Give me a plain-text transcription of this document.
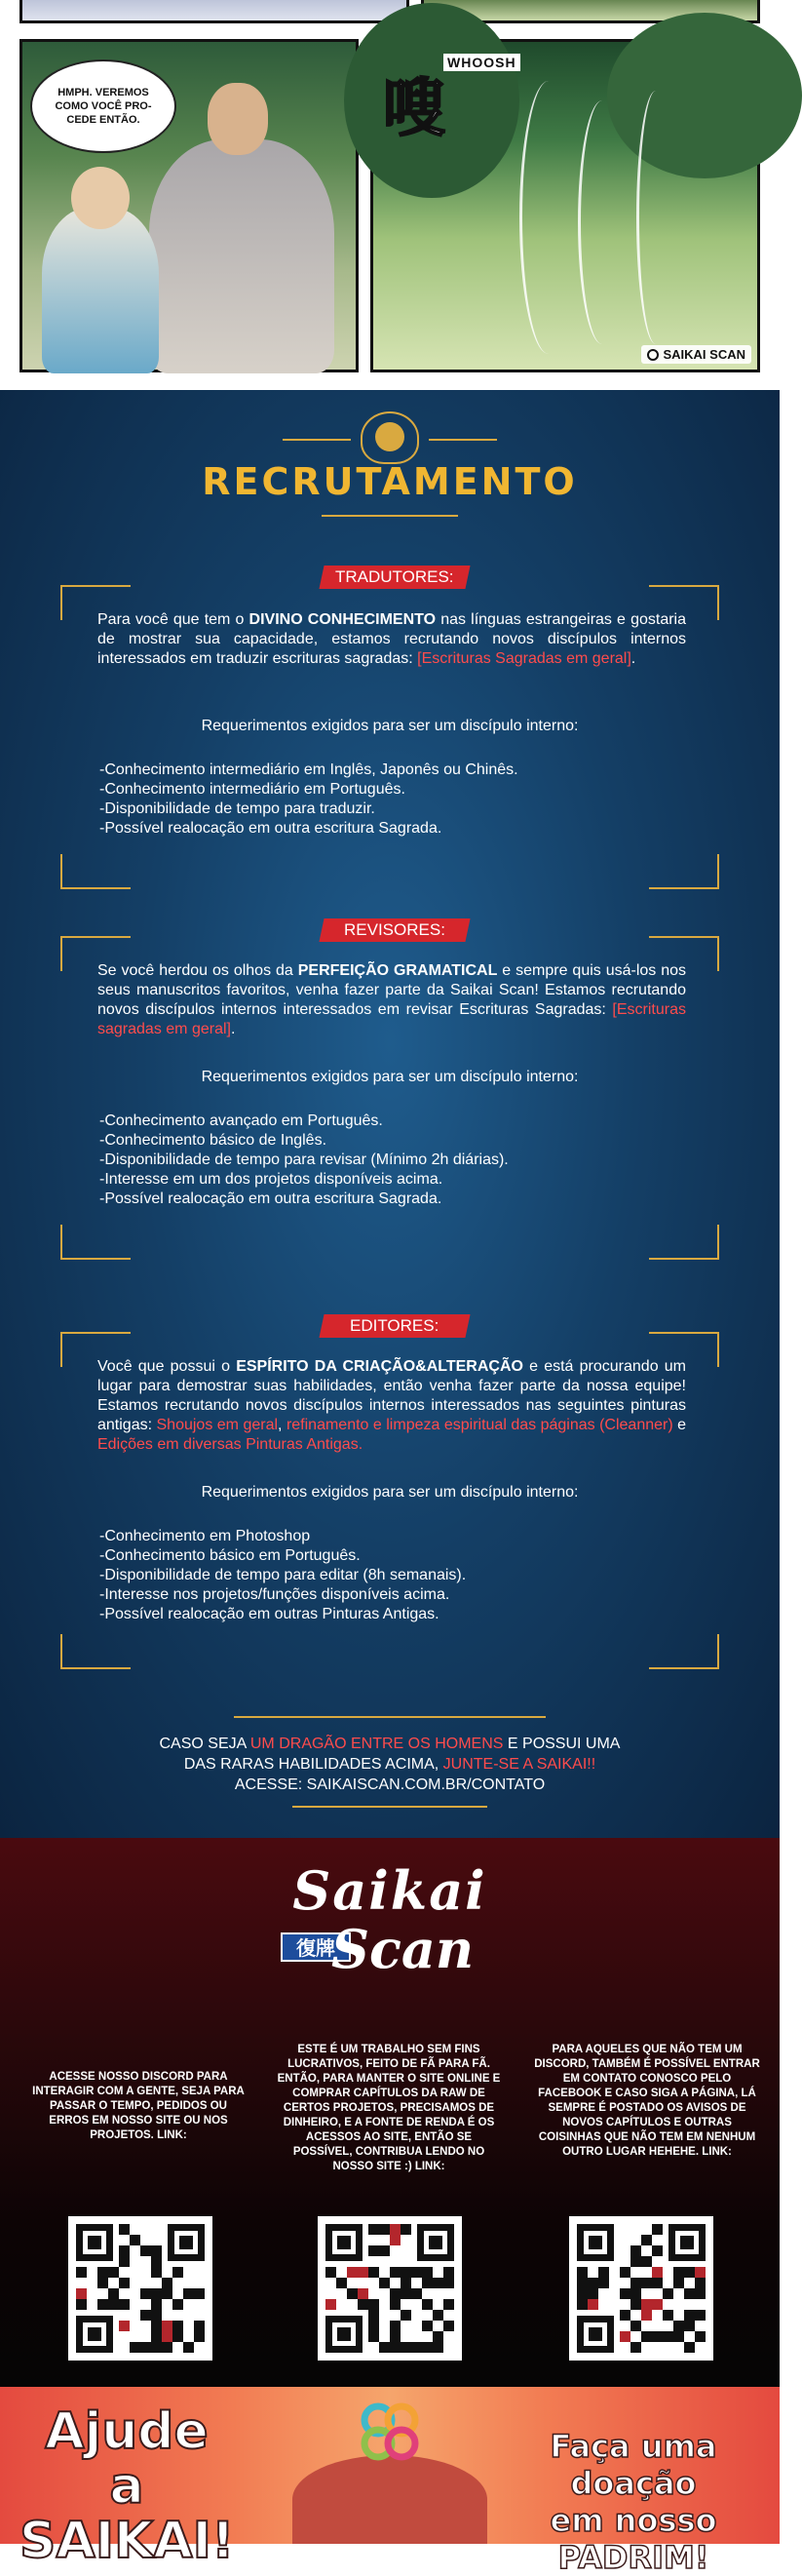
HMPH. VEREMOS COMO VOCÊ PRO- CEDE ENTÃO.
WHOOSH
嗖
SAIKAI SCAN
RECRUTAMENTO
TRADUTORES:
Para você que tem o DIVINO CONHECIMENTO nas línguas estrangeiras e gostaria de mostrar sua capacidade, estamos recrutando novos discípulos internos interessados em traduzir escrituras sagradas: [Escrituras Sagradas em geral].
Requerimentos exigidos para ser um discípulo interno:
-Conhecimento intermediário em Inglês, Japonês ou Chinês.
-Conhecimento intermediário em Português.
-Disponibilidade de tempo para traduzir.
-Possível realocação em outra escritura Sagrada.
REVISORES:
Se você herdou os olhos da PERFEIÇÃO GRAMATICAL e sempre quis usá-los nos seus manuscritos favoritos, venha fazer parte da Saikai Scan! Estamos recrutando novos discípulos internos interessados em revisar Escrituras Sagradas: [Escrituras sagradas em geral].
Requerimentos exigidos para ser um discípulo interno:
-Conhecimento avançado em Português.
-Conhecimento básico de Inglês.
-Disponibilidade de tempo para revisar (Mínimo 2h diárias).
-Interesse em um dos projetos disponíveis acima.
-Possível realocação em outra escritura Sagrada.
EDITORES:
Você que possui o ESPÍRITO DA CRIAÇÃO&ALTERAÇÃO e está procurando um lugar para demostrar suas habilidades, então venha fazer parte da nossa equipe! Estamos recrutando novos discípulos internos interessados nas seguintes pinturas antigas: Shoujos em geral, refinamento e limpeza espiritual das páginas (Cleanner) e Edições em diversas Pinturas Antigas.
Requerimentos exigidos para ser um discípulo interno:
-Conhecimento em Photoshop
-Conhecimento básico em Português.
-Disponibilidade de tempo para editar (8h semanais).
-Interesse nos projetos/funções disponíveis acima.
-Possível realocação em outras Pinturas Antigas.
CASO SEJA UM DRAGÃO ENTRE OS HOMENS E POSSUI UMA
DAS RARAS HABILIDADES ACIMA, JUNTE-SE A SAIKAI!!
ACESSE: SAIKAISCAN.COM.BR/CONTATO
Saikai
復牌
Scan
ACESSE NOSSO DISCORD PARA INTERAGIR COM A GENTE, SEJA PARA PASSAR O TEMPO, PEDIDOS OU ERROS EM NOSSO SITE OU NOS PROJETOS. LINK:
ESTE É UM TRABALHO SEM FINS LUCRATIVOS, FEITO DE FÃ PARA FÃ. ENTÃO, PARA MANTER O SITE ONLINE E COMPRAR CAPÍTULOS DA RAW DE CERTOS PROJETOS, PRECISAMOS DE DINHEIRO, E A FONTE DE RENDA É OS ACESSOS AO SITE, ENTÃO SE POSSÍVEL, CONTRIBUA LENDO NO NOSSO SITE :) LINK:
PARA AQUELES QUE NÃO TEM UM DISCORD, TAMBÉM É POSSÍVEL ENTRAR EM CONTATO CONOSCO PELO FACEBOOK E CASO SIGA A PÁGINA, LÁ SEMPRE É POSTADO OS AVISOS DE NOVOS CAPÍTULOS E OUTRAS COISINHAS QUE NÃO TEM EM NENHUM OUTRO LUGAR HEHEHE. LINK:
Ajude a
SAIKAI!
Faça uma doação
em nosso PADRIM!
